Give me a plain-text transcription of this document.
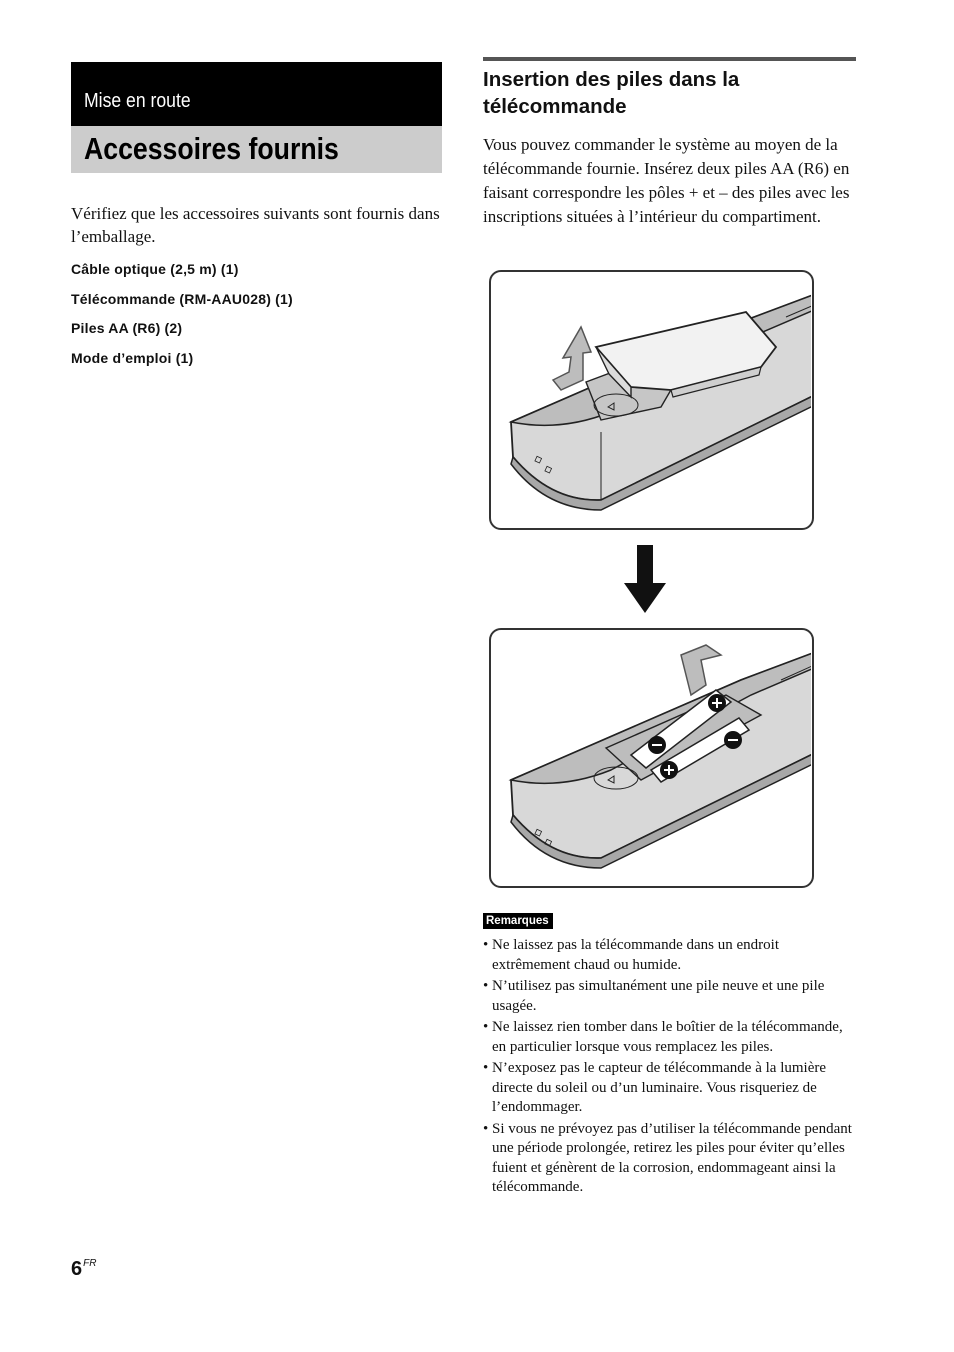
Mise en route
Accessoires fournis
Vérifiez que les accessoires suivants sont fournis dans l’emballage.
Câble optique (2,5 m) (1)
Télécommande (RM-AAU028) (1)
Piles AA (R6) (2)
Mode d’emploi (1)
Insertion des piles dans la télécommande
Vous pouvez commander le système au moyen de la télécommande fournie. Insérez deux piles AA (R6) en faisant correspondre les pôles + et – des piles avec les inscriptions situées à l’intérieur du compartiment.
Remarques
• Ne laissez pas la télécommande dans un endroit extrêmement chaud ou humide.
• N’utilisez pas simultanément une pile neuve et une pile usagée.
• Ne laissez rien tomber dans le boîtier de la télécommande, en particulier lorsque vous remplacez les piles.
• N’exposez pas le capteur de télécommande à la lumière directe du soleil ou d’un luminaire. Vous risqueriez de l’endommager.
• Si vous ne prévoyez pas d’utiliser la télécommande pendant une période prolongée, retirez les piles pour éviter qu’elles fuient et génèrent de la corrosion, endommageant ainsi la télécommande.
$6^{FR}$
